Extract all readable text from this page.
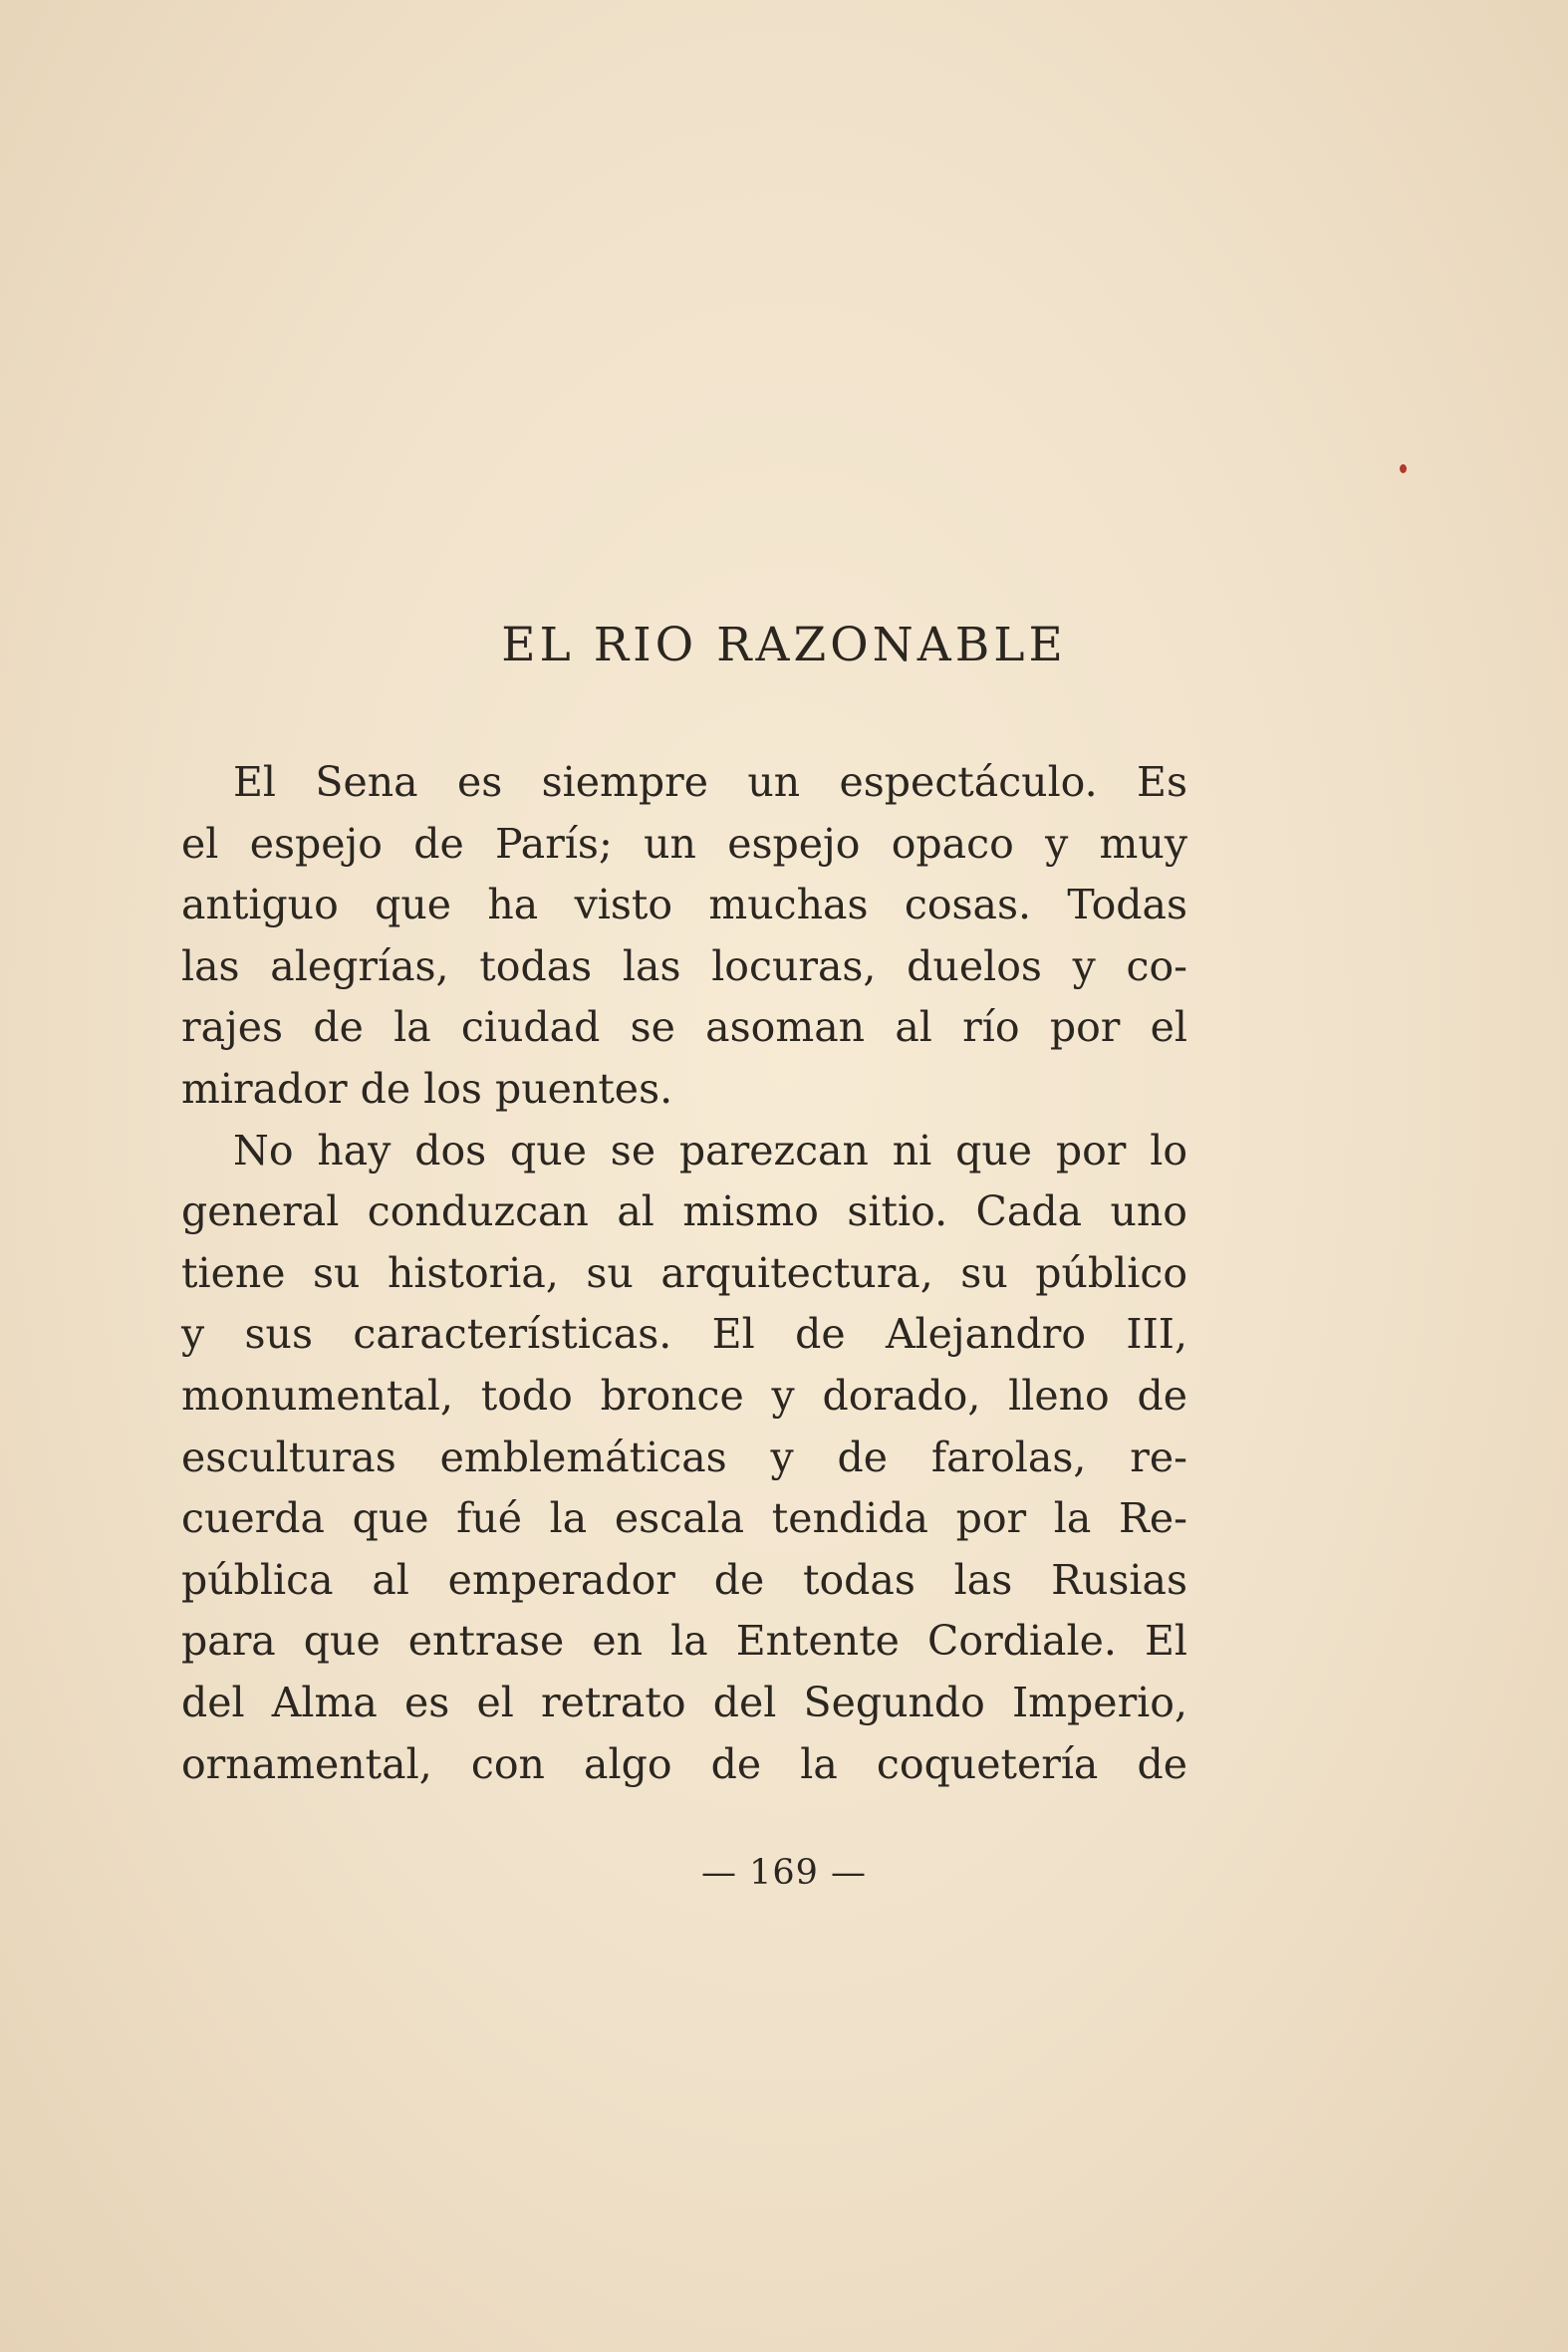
EL RIO RAZONABLE
El Sena es siempre un espectáculo. Es
el espejo de París; un espejo opaco y muy
antiguo que ha visto muchas cosas. Todas
las alegrías, todas las locuras, duelos y co-
rajes de la ciudad se asoman al río por el
mirador de los puentes.
No hay dos que se parezcan ni que por lo
general conduzcan al mismo sitio. Cada uno
tiene su historia, su arquitectura, su público
y sus características. El de Alejandro III,
monumental, todo bronce y dorado, lleno de
esculturas emblemáticas y de farolas, re-
cuerda que fué la escala tendida por la Re-
pública al emperador de todas las Rusias
para que entrase en la Entente Cordiale. El
del Alma es el retrato del Segundo Imperio,
ornamental, con algo de la coquetería de
— 169 —
